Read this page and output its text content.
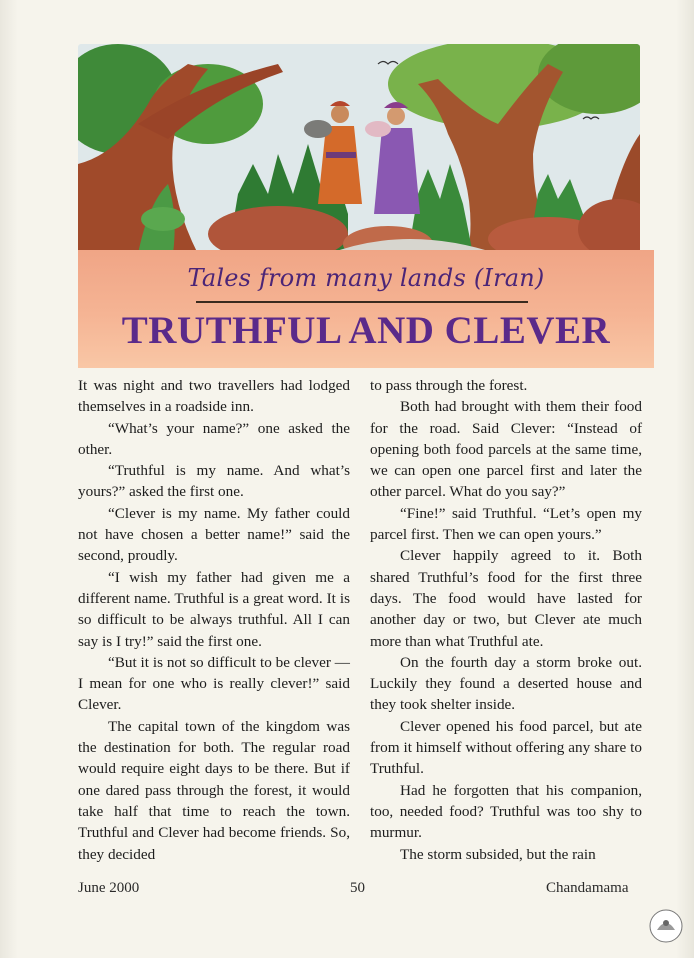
Tales from many lands (Iran)
TRUTHFUL AND CLEVER

It was night and two travellers had lodged themselves in a roadside inn.

“What’s your name?” one asked the other.

“Truthful is my name. And what’s yours?” asked the first one.

“Clever is my name. My father could not have chosen a better name!” said the second, proudly.

“I wish my father had given me a different name. Truthful is a great word. It is so difficult to be always truthful. All I can say is I try!” said the first one.

“But it is not so difficult to be clever — I mean for one who is really clever!” said Clever.

The capital town of the kingdom was the destination for both. The regular road would require eight days to be there. But if one dared pass through the forest, it would take half that time to reach the town. Truthful and Clever had become friends. So, they decided

to pass through the forest.

Both had brought with them their food for the road. Said Clever: “Instead of opening both food parcels at the same time, we can open one parcel first and later the other parcel. What do you say?”

“Fine!” said Truthful. “Let’s open my parcel first. Then we can open yours.”

Clever happily agreed to it. Both shared Truthful’s food for the first three days. The food would have lasted for another day or two, but Clever ate much more than what Truthful ate.

On the fourth day a storm broke out. Luckily they found a deserted house and they took shelter inside.

Clever opened his food parcel, but ate from it himself without offering any share to Truthful.

Had he forgotten that his companion, too, needed food? Truthful was too shy to murmur.

The storm subsided, but the rain

June 2000	50	Chandamama
